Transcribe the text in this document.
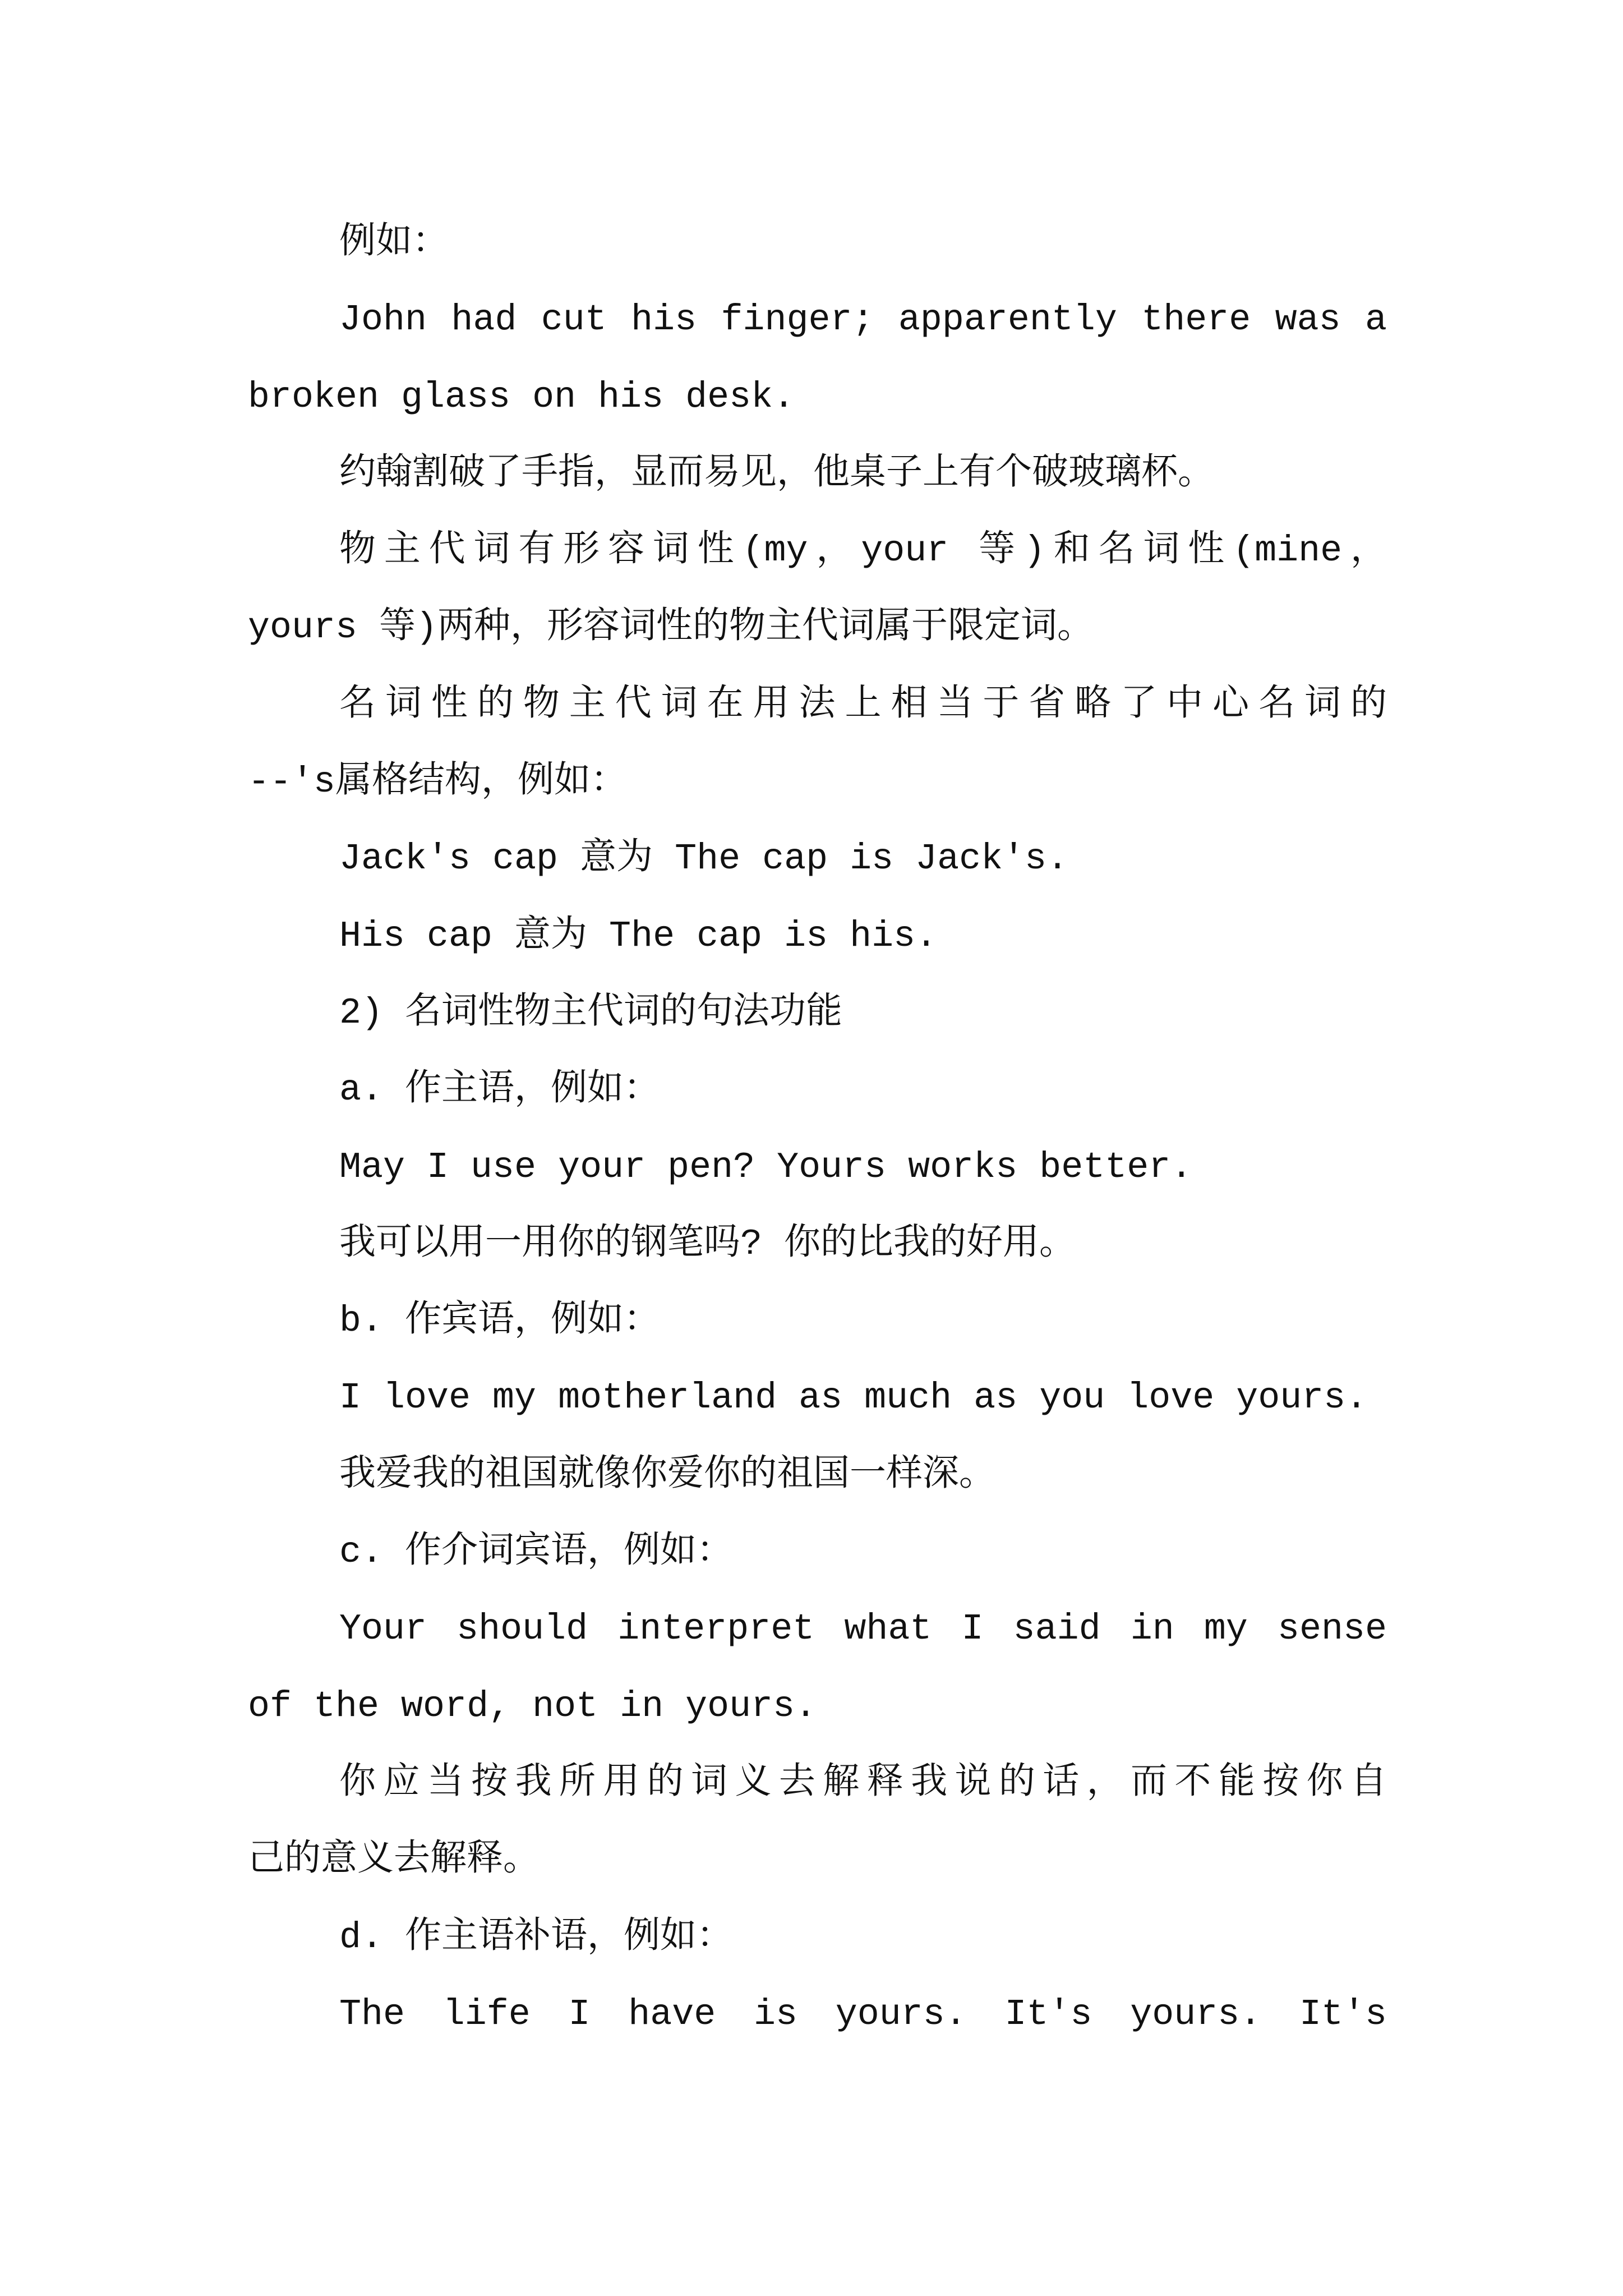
例如：
John had cut his finger; apparently there was a
broken glass on his desk.
约翰割破了手指，显而易见，他桌子上有个破玻璃杯。
物主代词有形容词性(my，your 等)和名词性(mine，
yours 等)两种，形容词性的物主代词属于限定词。
名词性的物主代词在用法上相当于省略了中心名词的
--'s属格结构，例如：
Jack's cap 意为 The cap is Jack's.
His cap 意为 The cap is his.
2) 名词性物主代词的句法功能
a. 作主语，例如：
May I use your pen? Yours works better.
我可以用一用你的钢笔吗? 你的比我的好用。
b. 作宾语，例如：
I love my motherland as much as you love yours.
我爱我的祖国就像你爱你的祖国一样深。
c. 作介词宾语，例如：
Your should interpret what I said in my sense
of the word, not in yours.
你应当按我所用的词义去解释我说的话，而不能按你自
己的意义去解释。
d. 作主语补语，例如：
The life I have is yours. It's yours. It's
